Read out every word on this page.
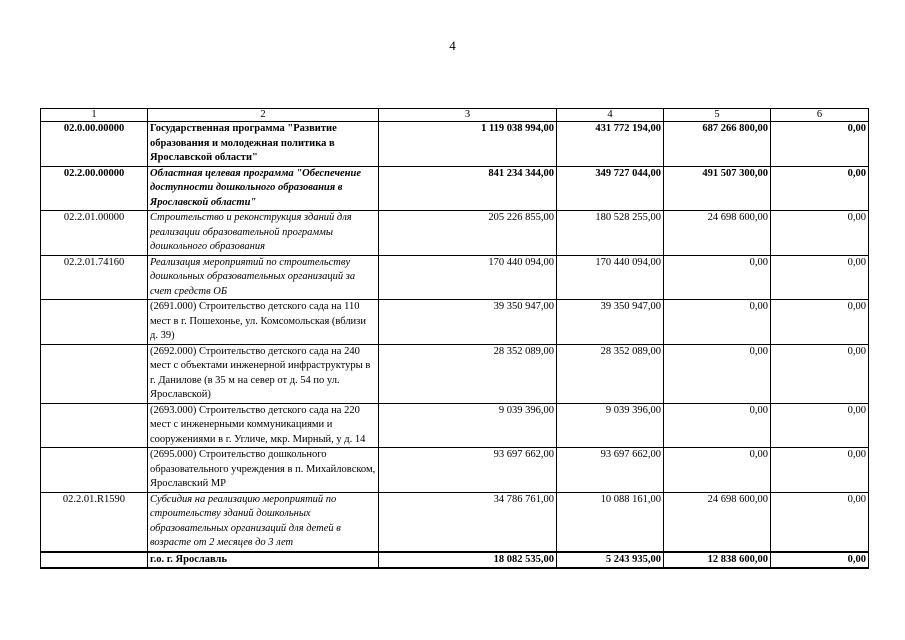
4
1	2	3	4	5	6
02.0.00.00000	Государственная программа "Развитие образования и молодежная политика в Ярославской области"	1 119 038 994,00	431 772 194,00	687 266 800,00	0,00
02.2.00.00000	Областная целевая программа "Обеспечение доступности дошкольного образования в Ярославской области"	841 234 344,00	349 727 044,00	491 507 300,00	0,00
02.2.01.00000	Строительство и реконструкция зданий для реализации образовательной программы дошкольного образования	205 226 855,00	180 528 255,00	24 698 600,00	0,00
02.2.01.74160	Реализация мероприятий по строительству дошкольных образовательных организаций за счет средств ОБ	170 440 094,00	170 440 094,00	0,00	0,00
	(2691.000) Строительство детского сада на 110 мест в г. Пошехонье, ул. Комсомольская (вблизи д. 39)	39 350 947,00	39 350 947,00	0,00	0,00
	(2692.000) Строительство детского сада на 240 мест с объектами инженерной инфраструктуры в г. Данилове (в 35 м на север от д. 54 по ул. Ярославской)	28 352 089,00	28 352 089,00	0,00	0,00
	(2693.000) Строительство детского сада на 220 мест с инженерными коммуникациями и сооружениями в г. Угличе, мкр. Мирный, у д. 14	9 039 396,00	9 039 396,00	0,00	0,00
	(2695.000) Строительство дошкольного образовательного учреждения в п. Михайловском, Ярославский МР	93 697 662,00	93 697 662,00	0,00	0,00
02.2.01.R1590	Субсидия на реализацию мероприятий по строительству зданий дошкольных образовательных организаций для детей в возрасте от 2 месяцев до 3 лет	34 786 761,00	10 088 161,00	24 698 600,00	0,00
	г.о. г. Ярославль	18 082 535,00	5 243 935,00	12 838 600,00	0,00
